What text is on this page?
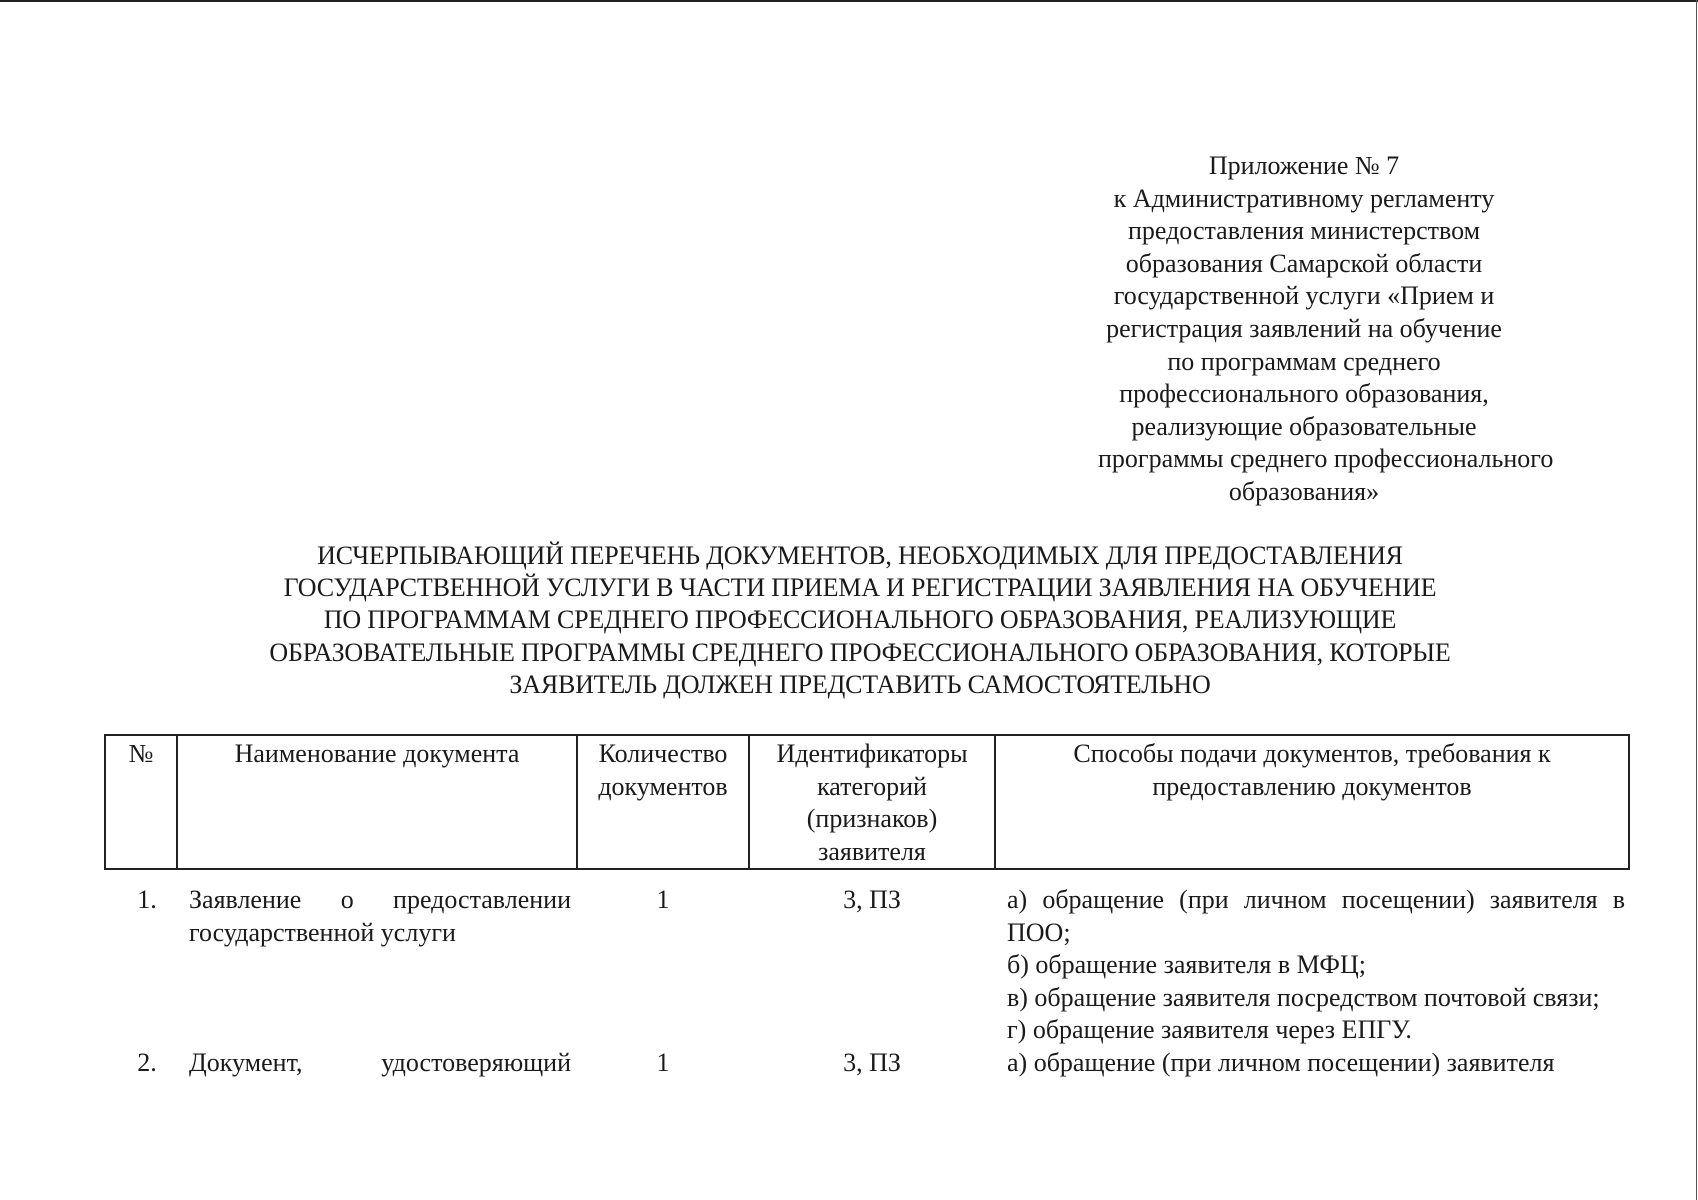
Приложение № 7
к Административному регламенту
предоставления министерством
образования Самарской области
государственной услуги «Прием и
регистрация заявлений на обучение
по программам среднего
профессионального образования,
реализующие образовательные
программы среднего профессионального
образования»
ИСЧЕРПЫВАЮЩИЙ ПЕРЕЧЕНЬ ДОКУМЕНТОВ, НЕОБХОДИМЫХ ДЛЯ ПРЕДОСТАВЛЕНИЯ
ГОСУДАРСТВЕННОЙ УСЛУГИ В ЧАСТИ ПРИЕМА И РЕГИСТРАЦИИ ЗАЯВЛЕНИЯ НА ОБУЧЕНИЕ
ПО ПРОГРАММАМ СРЕДНЕГО ПРОФЕССИОНАЛЬНОГО ОБРАЗОВАНИЯ, РЕАЛИЗУЮЩИЕ
ОБРАЗОВАТЕЛЬНЫЕ ПРОГРАММЫ СРЕДНЕГО ПРОФЕССИОНАЛЬНОГО ОБРАЗОВАНИЯ, КОТОРЫЕ
ЗАЯВИТЕЛЬ ДОЛЖЕН ПРЕДСТАВИТЬ САМОСТОЯТЕЛЬНО
№	Наименование документа	Количество документов	Идентификаторы категорий (признаков) заявителя	Способы подачи документов, требования к предоставлению документов
1.	Заявление о предоставлении государственной услуги	1	3, ПЗ	а) обращение (при личном посещении) заявителя в ПОО;
б) обращение заявителя в МФЦ;
в) обращение заявителя посредством почтовой связи;
г) обращение заявителя через ЕПГУ.

2.	Документ, удостоверяющий	1	3, ПЗ	а) обращение (при личном посещении) заявителя
